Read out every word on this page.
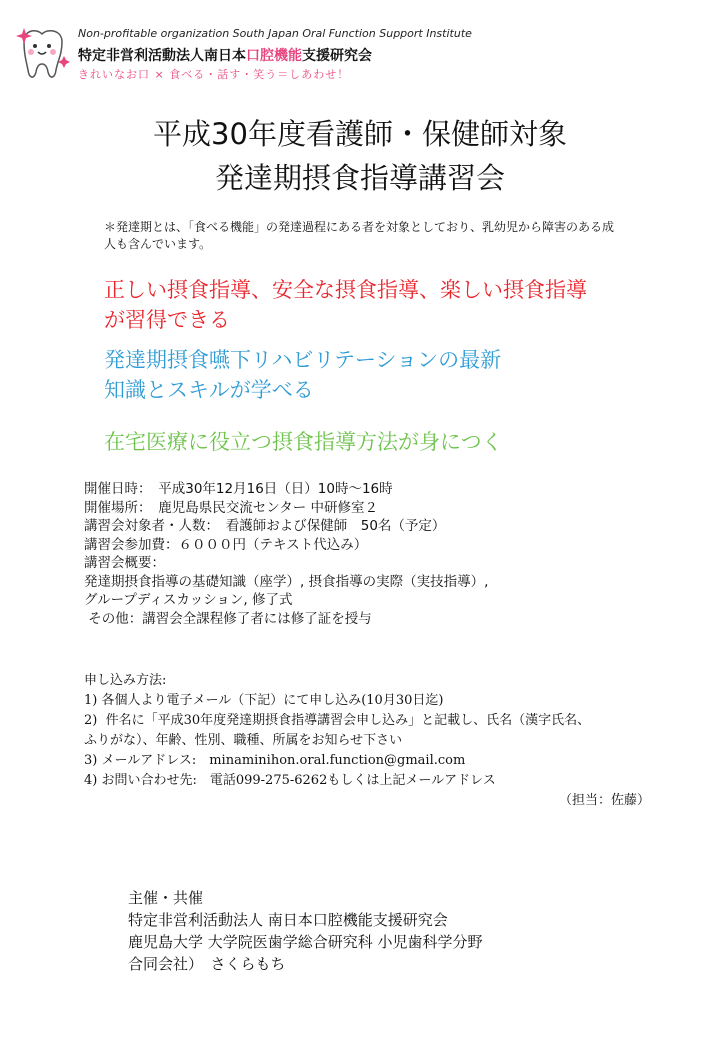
Non-profitable organization South Japan Oral Function Support Institute
特定非営利活動法人南日本口腔機能支援研究会
きれいなお口 × 食べる・話す・笑う＝しあわせ！
平成30年度看護師・保健師対象
発達期摂食指導講習会
＊発達期とは、「食べる機能」の発達過程にある者を対象としており、乳幼児から障害のある成人も含んでいます。
正しい摂食指導、安全な摂食指導、楽しい摂食指導
が習得できる
発達期摂食嚥下リハビリテーションの最新
知識とスキルが学べる
在宅医療に役立つ摂食指導方法が身につく
開催日時：　平成30年12月16日（日）10時～16時
開催場所：　鹿児島県民交流センター 中研修室２
講習会対象者・人数：　看護師および保健師　50名（予定）
講習会参加費：６０００円（テキスト代込み）
講習会概要：
発達期摂食指導の基礎知識（座学）, 摂食指導の実際（実技指導）,
グループディスカッション, 修了式
その他：講習会全課程修了者には修了証を授与
申し込み方法:
1) 各個人より電子メール（下記）にて申し込み(10月30日迄)
2)  件名に「平成30年度発達期摂食指導講習会申し込み」と記載し、氏名（漢字氏名、
ふりがな）、年齢、性別、職種、所属をお知らせ下さい
3) メールアドレス:　minaminihon.oral.function@gmail.com
4) お問い合わせ先:　電話099-275-6262もしくは上記メールアドレス
（担当：佐藤）
主催・共催
特定非営利活動法人 南日本口腔機能支援研究会
鹿児島大学 大学院医歯学総合研究科 小児歯科学分野
合同会社）　さくらもち
